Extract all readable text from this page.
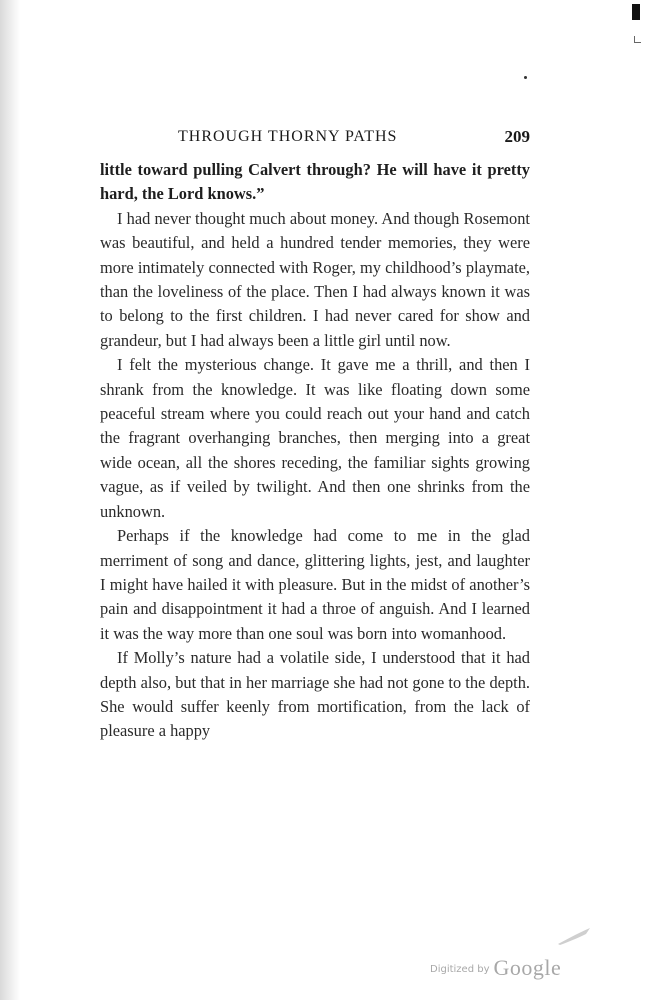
THROUGH THORNY PATHS	209

little toward pulling Calvert through? He will have it pretty hard, the Lord knows.”

I had never thought much about money. And though Rosemont was beautiful, and held a hundred tender memories, they were more intimately connected with Roger, my childhood’s playmate, than the loveliness of the place. Then I had always known it was to belong to the first children. I had never cared for show and grandeur, but I had always been a little girl until now.

I felt the mysterious change. It gave me a thrill, and then I shrank from the knowledge. It was like floating down some peaceful stream where you could reach out your hand and catch the fragrant overhanging branches, then merging into a great wide ocean, all the shores receding, the familiar sights growing vague, as if veiled by twilight. And then one shrinks from the unknown.

Perhaps if the knowledge had come to me in the glad merriment of song and dance, glittering lights, jest, and laughter I might have hailed it with pleasure. But in the midst of another’s pain and disappointment it had a throe of anguish. And I learned it was the way more than one soul was born into womanhood.

If Molly’s nature had a volatile side, I understood that it had depth also, but that in her marriage she had not gone to the depth. She would suffer keenly from mortification, from the lack of pleasure a happy

Digitized by Google
